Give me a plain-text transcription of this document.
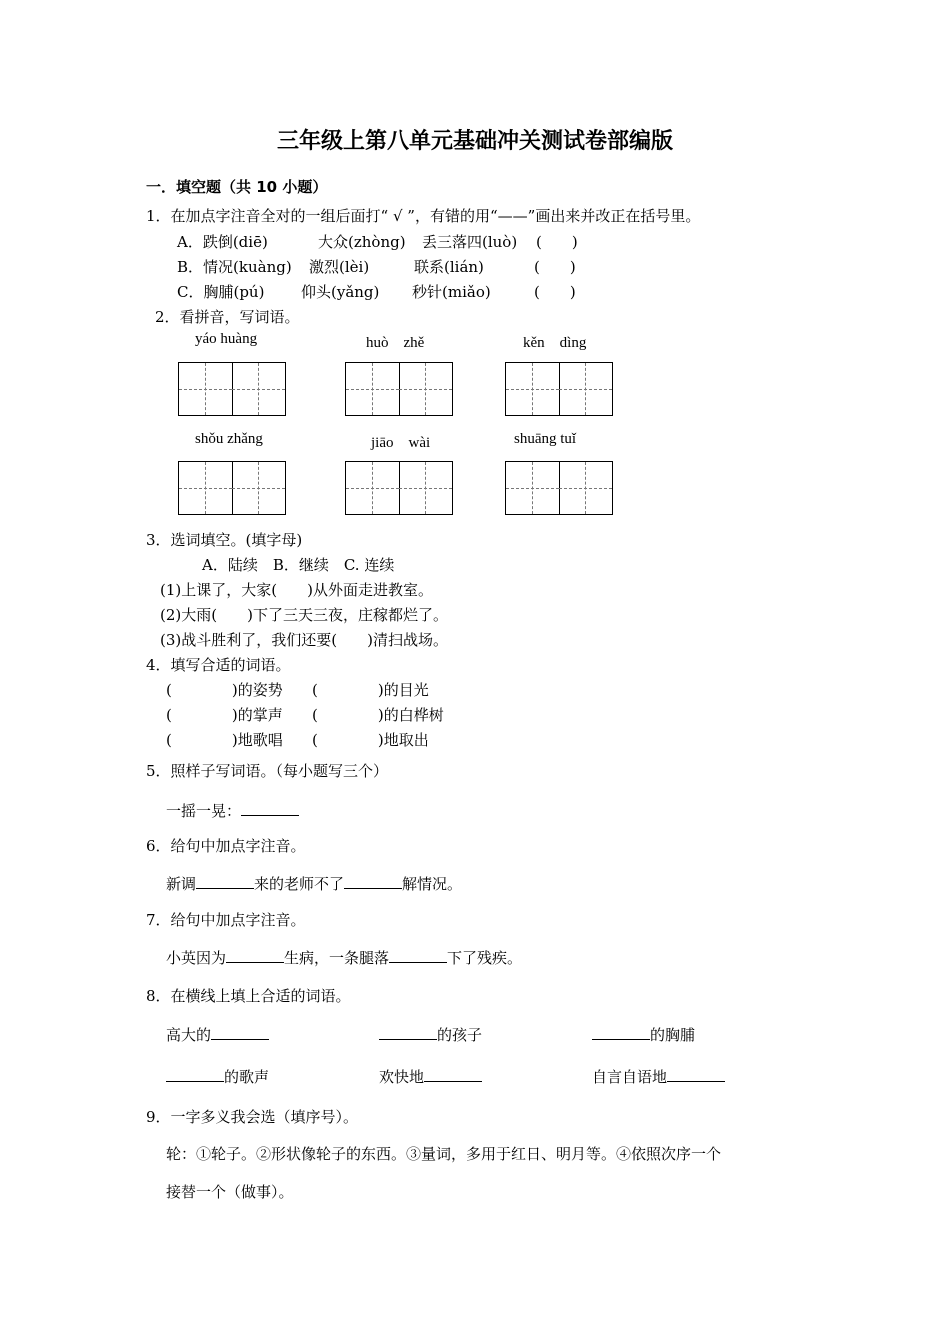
三年级上第八单元基础冲关测试卷部编版
一．填空题（共 10 小题）
1．在加点字注音全对的一组后面打“ √ ”，有错的用“——”画出来并改正在括号里。
A．跌倒(diē)	大众(zhòng) 丢三落四(luò) (　　)
B．情况(kuàng) 激烈(lèi)	联系(lián)	(　　)
C．胸脯(pú) 仰头(yǎng) 秒针(miǎo)	(　　)
2．看拼音，写词语。
yáo huàng	huò　zhě	kěn　dìng
shǒu zhǎng	jiāo　wài	shuāng tuǐ
3．选词填空。(填字母)
A．陆续　B．继续　C. 连续
(1)上课了，大家(　　)从外面走进教室。
(2)大雨(　　)下了三天三夜，庄稼都烂了。
(3)战斗胜利了，我们还要(　　)清扫战场。
4．填写合适的词语。
(　　　　)的姿势 (　　　　)的目光
(　　　　)的掌声 (　　　　)的白桦树
(　　　　)地歌唱 (　　　　)地取出
5．照样子写词语。（每小题写三个）
一摇一晃：
6．给句中加点字注音。
新调	来的老师不了	解情况。
7．给句中加点字注音。
小英因为	生病，一条腿落	下了残疾。
8．在横线上填上合适的词语。
高大的	的孩子	的胸脯
的歌声	欢快地	自言自语地
9．一字多义我会选（填序号）。
轮：①轮子。②形状像轮子的东西。③量词，多用于红日、明月等。④依照次序一个
接替一个（做事）。
